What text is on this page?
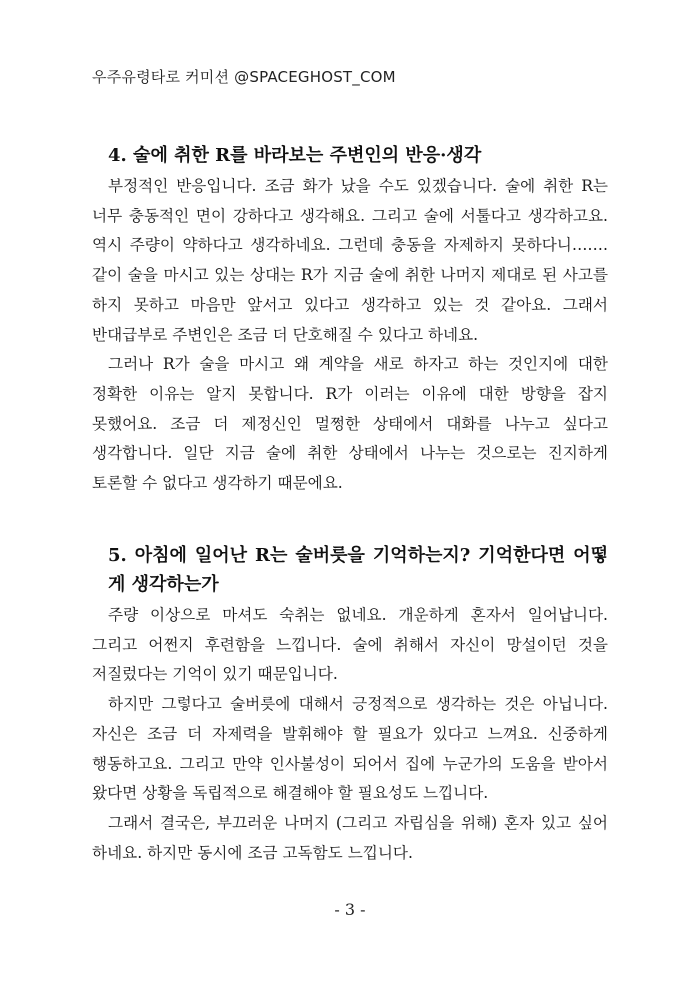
우주유령타로 커미션 @SPACEGHOST_COM
4. 술에 취한 R를 바라보는 주변인의 반응·생각

부정적인 반응입니다. 조금 화가 났을 수도 있겠습니다. 술에 취한 R는 너무 충동적인 면이 강하다고 생각해요. 그리고 술에 서툴다고 생각하고요. 역시 주량이 약하다고 생각하네요. 그런데 충동을 자제하지 못하다니……. 같이 술을 마시고 있는 상대는 R가 지금 술에 취한 나머지 제대로 된 사고를 하지 못하고 마음만 앞서고 있다고 생각하고 있는 것 같아요. 그래서 반대급부로 주변인은 조금 더 단호해질 수 있다고 하네요.

그러나 R가 술을 마시고 왜 계약을 새로 하자고 하는 것인지에 대한 정확한 이유는 알지 못합니다. R가 이러는 이유에 대한 방향을 잡지 못했어요. 조금 더 제정신인 멀쩡한 상태에서 대화를 나누고 싶다고 생각합니다. 일단 지금 술에 취한 상태에서 나누는 것으로는 진지하게 토론할 수 없다고 생각하기 때문에요.

5. 아침에 일어난 R는 술버릇을 기억하는지? 기억한다면 어떻게 생각하는가

주량 이상으로 마셔도 숙취는 없네요. 개운하게 혼자서 일어납니다. 그리고 어쩐지 후련함을 느낍니다. 술에 취해서 자신이 망설이던 것을 저질렀다는 기억이 있기 때문입니다.

하지만 그렇다고 술버릇에 대해서 긍정적으로 생각하는 것은 아닙니다. 자신은 조금 더 자제력을 발휘해야 할 필요가 있다고 느껴요. 신중하게 행동하고요. 그리고 만약 인사불성이 되어서 집에 누군가의 도움을 받아서 왔다면 상황을 독립적으로 해결해야 할 필요성도 느낍니다.

그래서 결국은, 부끄러운 나머지 (그리고 자립심을 위해) 혼자 있고 싶어 하네요. 하지만 동시에 조금 고독함도 느낍니다.

- 3 -
